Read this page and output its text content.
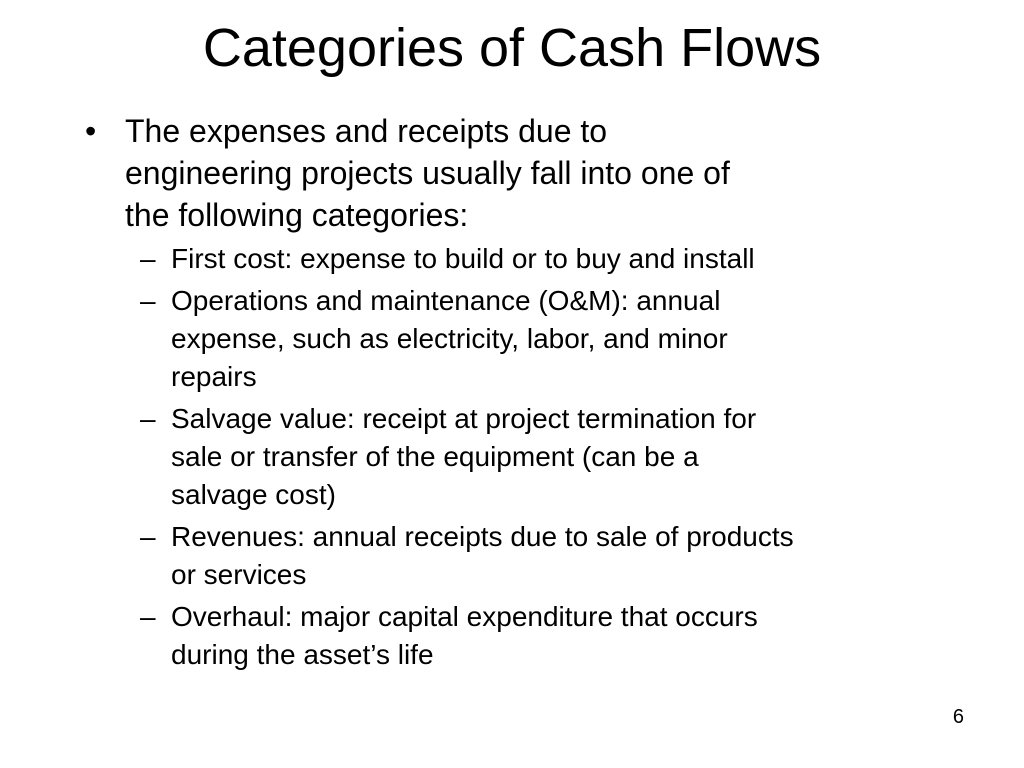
Categories of Cash Flows
• The expenses and receipts due to
engineering projects usually fall into one of
the following categories:
– First cost: expense to build or to buy and install
– Operations and maintenance (O&M): annual
expense, such as electricity, labor, and minor
repairs
– Salvage value: receipt at project termination for
sale or transfer of the equipment (can be a
salvage cost)
– Revenues: annual receipts due to sale of products
or services
– Overhaul: major capital expenditure that occurs
during the asset’s life
6
